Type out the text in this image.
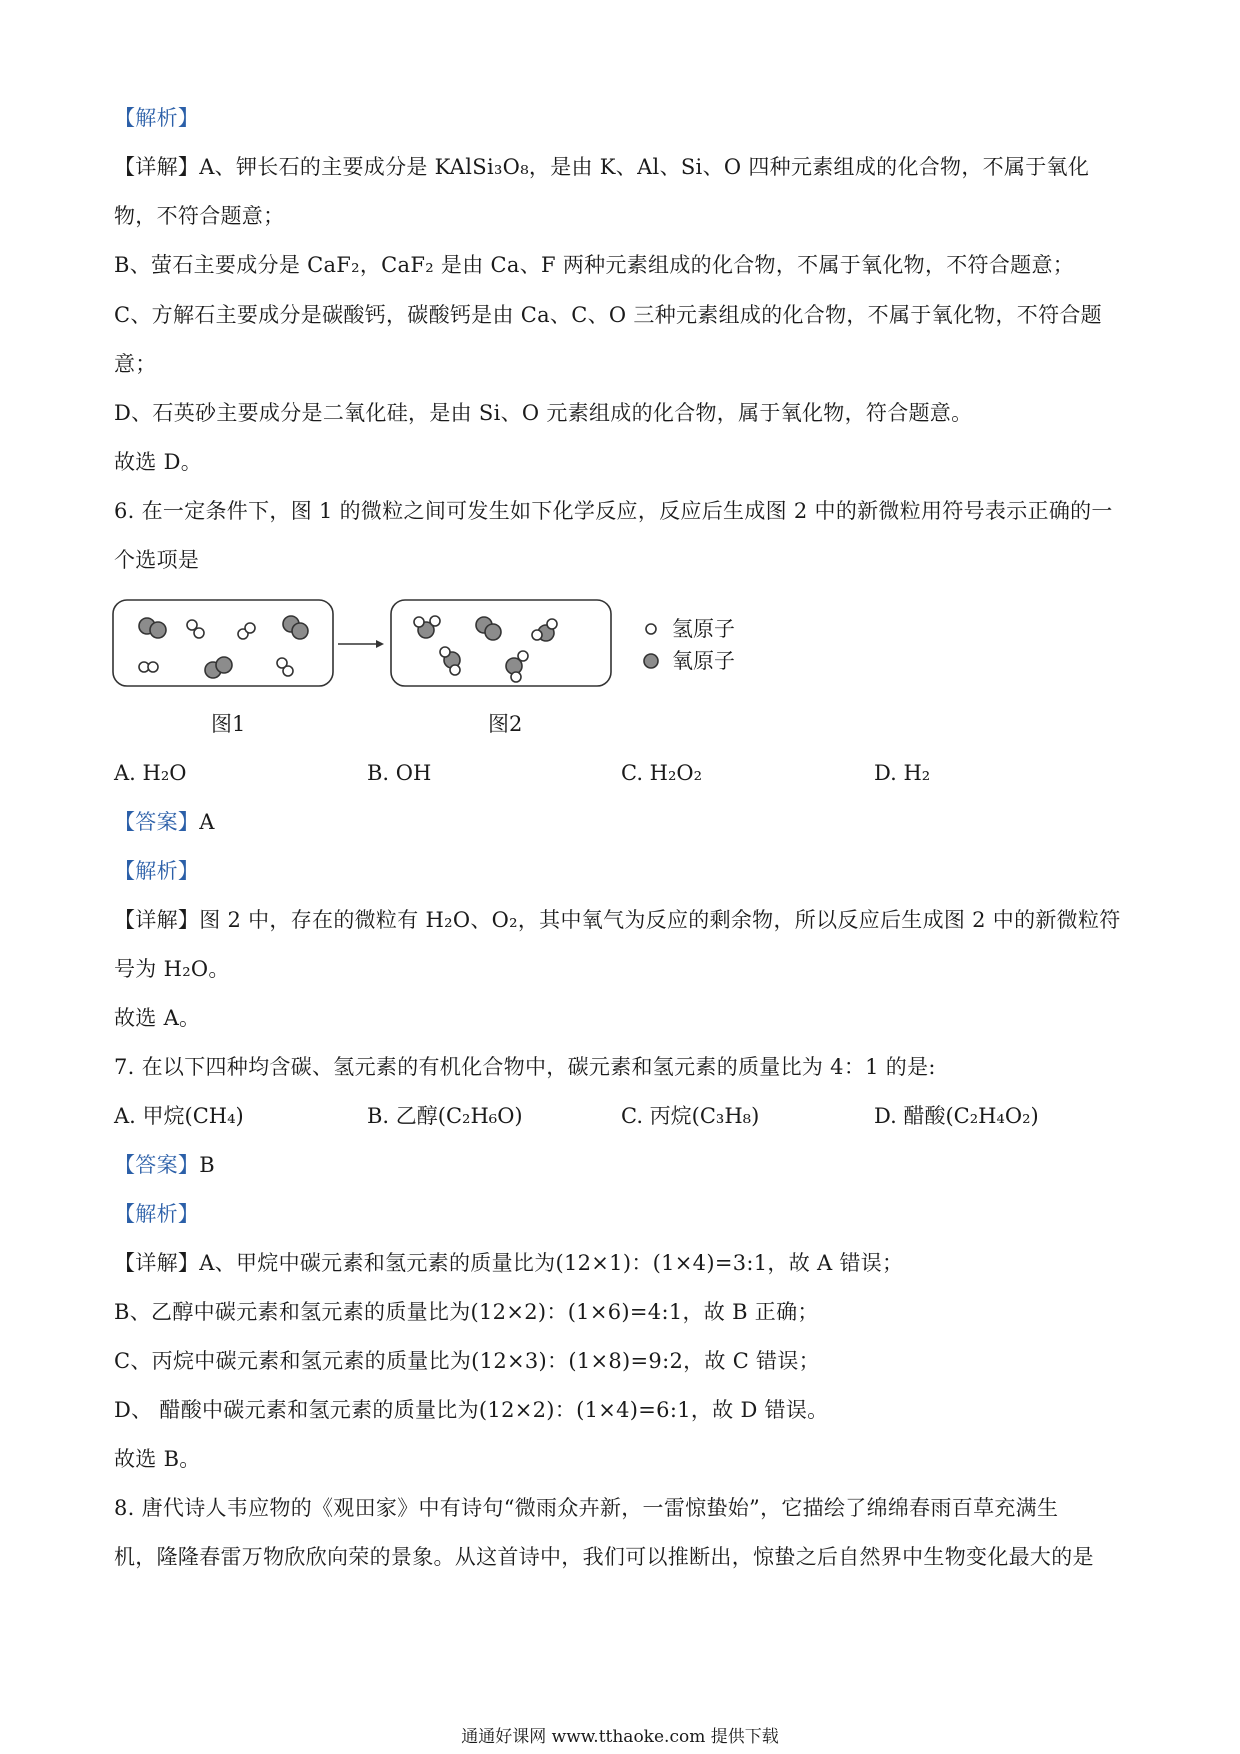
【解析】
【详解】A、钾长石的主要成分是 KAlSi₃O₈，是由 K、Al、Si、O 四种元素组成的化合物，不属于氧化
物，不符合题意；
B、萤石主要成分是 CaF₂，CaF₂ 是由 Ca、F 两种元素组成的化合物，不属于氧化物，不符合题意；
C、方解石主要成分是碳酸钙，碳酸钙是由 Ca、C、O 三种元素组成的化合物，不属于氧化物，不符合题
意；
D、石英砂主要成分是二氧化硅，是由 Si、O 元素组成的化合物，属于氧化物，符合题意。
故选 D。
6. 在一定条件下，图 1 的微粒之间可发生如下化学反应，反应后生成图 2 中的新微粒用符号表示正确的一
个选项是
氢原子
氧原子
图1	图2
A. H₂O	B. OH	C. H₂O₂	D. H₂
【答案】A
【解析】
【详解】图 2 中，存在的微粒有 H₂O、O₂，其中氧气为反应的剩余物，所以反应后生成图 2 中的新微粒符
号为 H₂O。
故选 A。
7. 在以下四种均含碳、氢元素的有机化合物中，碳元素和氢元素的质量比为 4：1 的是:
A. 甲烷(CH₄)	B. 乙醇(C₂H₆O)	C. 丙烷(C₃H₈)	D. 醋酸(C₂H₄O₂)
【答案】B
【解析】
【详解】A、甲烷中碳元素和氢元素的质量比为(12×1)：(1×4)=3:1，故 A 错误；
B、乙醇中碳元素和氢元素的质量比为(12×2)：(1×6)=4:1，故 B 正确；
C、丙烷中碳元素和氢元素的质量比为(12×3)：(1×8)=9:2，故 C 错误；
D、 醋酸中碳元素和氢元素的质量比为(12×2)：(1×4)=6:1，故 D 错误。
故选 B。
8. 唐代诗人韦应物的《观田家》中有诗句“微雨众卉新，一雷惊蛰始”，它描绘了绵绵春雨百草充满生
机，隆隆春雷万物欣欣向荣的景象。从这首诗中，我们可以推断出，惊蛰之后自然界中生物变化最大的是
通通好课网 www.tthaoke.com 提供下载
